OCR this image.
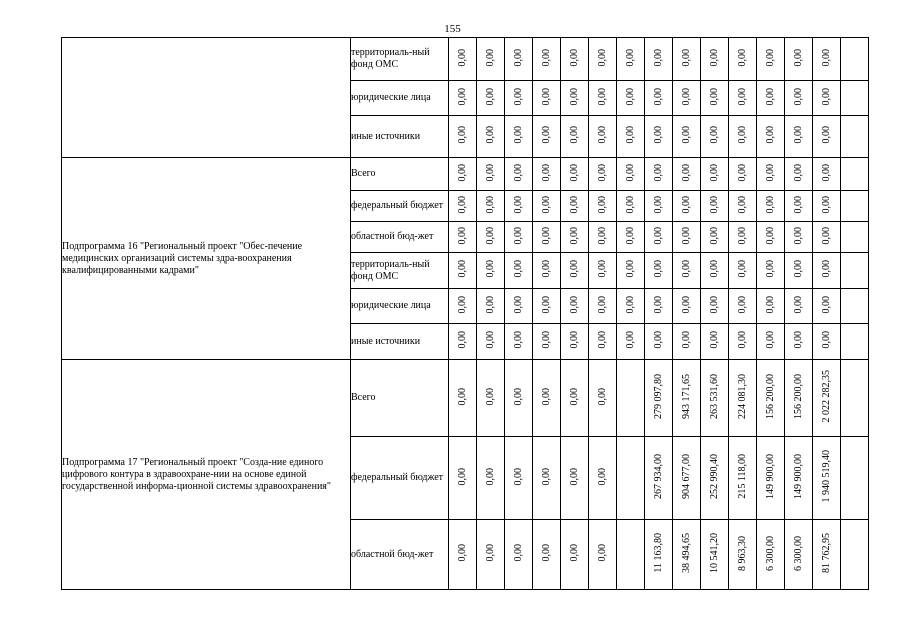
155
	территориаль-ный фонд ОМС	0,00	0,00	0,00	0,00	0,00	0,00	0,00	0,00	0,00	0,00	0,00	0,00	0,00	0,00	
	юридические лица	0,00	0,00	0,00	0,00	0,00	0,00	0,00	0,00	0,00	0,00	0,00	0,00	0,00	0,00	
	иные источники	0,00	0,00	0,00	0,00	0,00	0,00	0,00	0,00	0,00	0,00	0,00	0,00	0,00	0,00	
Подпрограмма 16 "Региональный проект "Обес-печение медицинских организаций системы здра-воохранения квалифицированными кадрами"	Всего	0,00	0,00	0,00	0,00	0,00	0,00	0,00	0,00	0,00	0,00	0,00	0,00	0,00	0,00	
	федеральный бюджет	0,00	0,00	0,00	0,00	0,00	0,00	0,00	0,00	0,00	0,00	0,00	0,00	0,00	0,00	
	областной бюд-жет	0,00	0,00	0,00	0,00	0,00	0,00	0,00	0,00	0,00	0,00	0,00	0,00	0,00	0,00	
	территориаль-ный фонд ОМС	0,00	0,00	0,00	0,00	0,00	0,00	0,00	0,00	0,00	0,00	0,00	0,00	0,00	0,00	
	юридические лица	0,00	0,00	0,00	0,00	0,00	0,00	0,00	0,00	0,00	0,00	0,00	0,00	0,00	0,00	
	иные источники	0,00	0,00	0,00	0,00	0,00	0,00	0,00	0,00	0,00	0,00	0,00	0,00	0,00	0,00	
Подпрограмма 17 "Региональный проект "Созда-ние единого цифрового контура в здравоохране-нии на основе единой государственной информа-ционной системы здравоохранения"	Всего	0,00	0,00	0,00	0,00	0,00	0,00		279 097,80	943 171,65	263 531,60	224 081,30	156 200,00	156 200,00	2 022 282,35	
	федеральный бюджет	0,00	0,00	0,00	0,00	0,00	0,00		267 934,00	904 677,00	252 990,40	215 118,00	149 900,00	149 900,00	1 940 519,40	
	областной бюд-жет	0,00	0,00	0,00	0,00	0,00	0,00		11 163,80	38 494,65	10 541,20	8 963,30	6 300,00	6 300,00	81 762,95	
